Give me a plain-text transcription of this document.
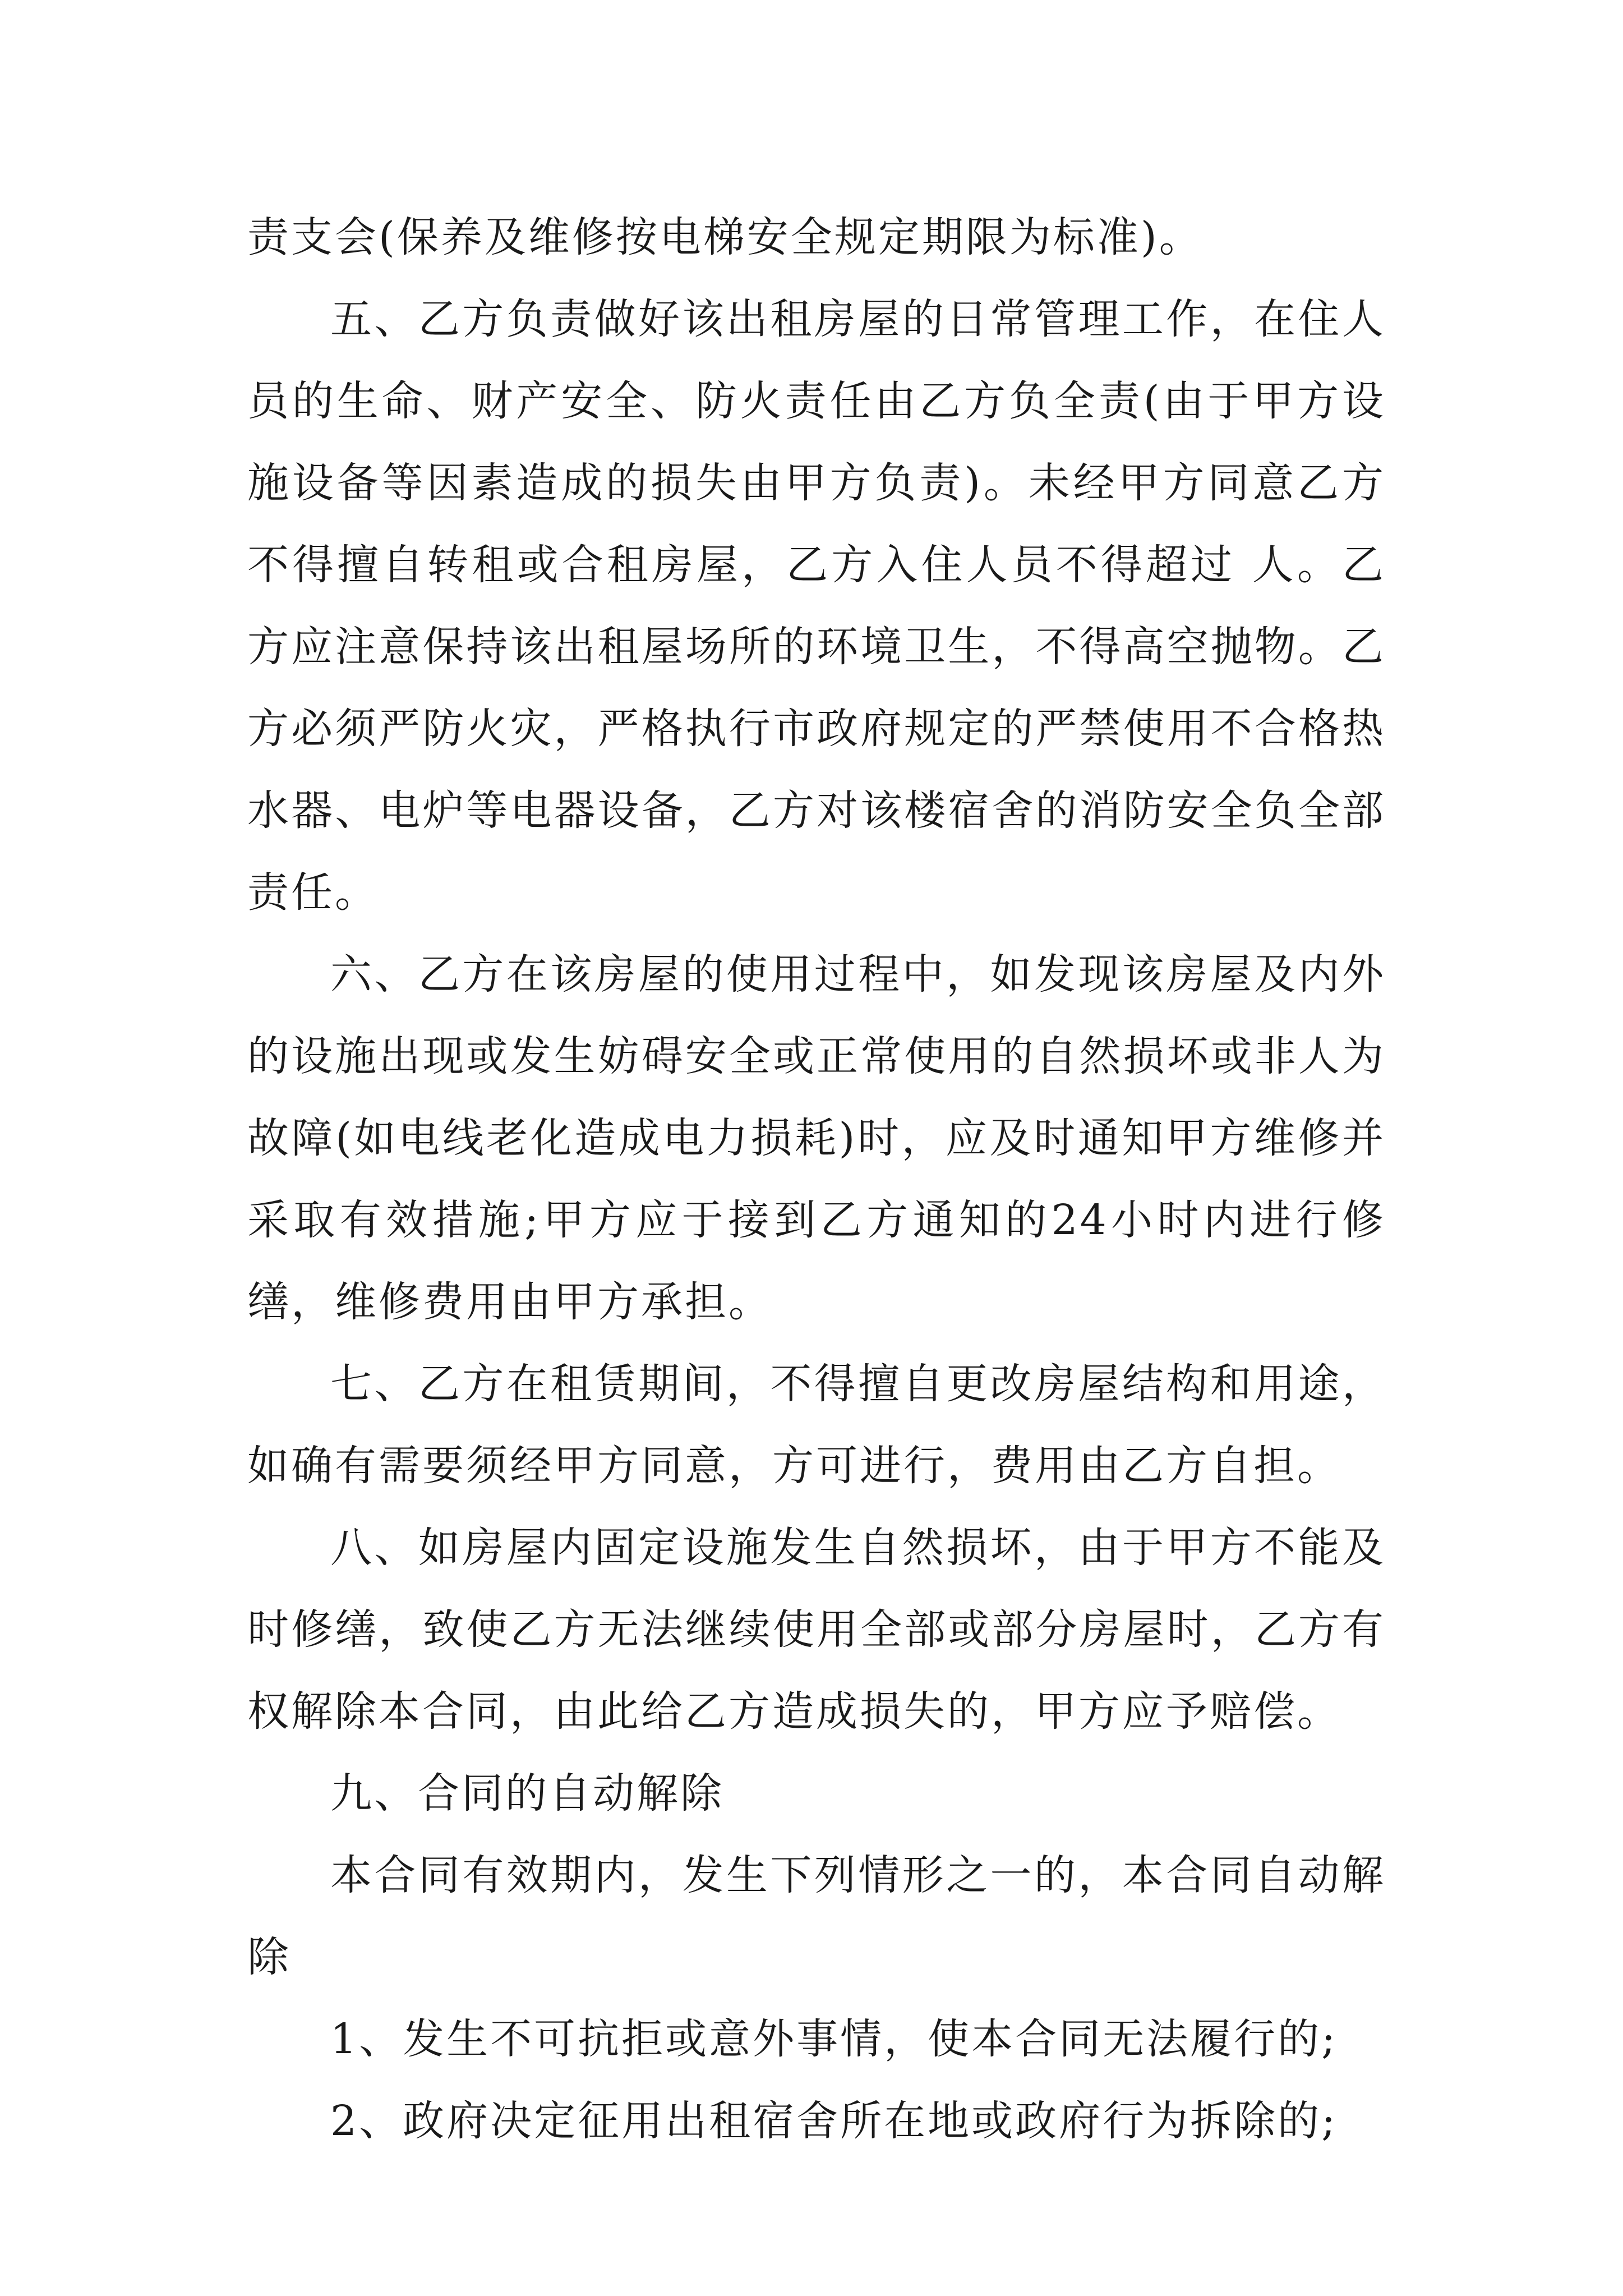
责支会(保养及维修按电梯安全规定期限为标准)。

五、乙方负责做好该出租房屋的日常管理工作，在住人员的生命、财产安全、防火责任由乙方负全责(由于甲方设施设备等因素造成的损失由甲方负责)。未经甲方同意乙方不得擅自转租或合租房屋，乙方入住人员不得超过 人。乙方应注意保持该出租屋场所的环境卫生，不得高空抛物。乙方必须严防火灾，严格执行市政府规定的严禁使用不合格热水器、电炉等电器设备，乙方对该楼宿舍的消防安全负全部责任。

六、乙方在该房屋的使用过程中，如发现该房屋及内外的设施出现或发生妨碍安全或正常使用的自然损坏或非人为故障(如电线老化造成电力损耗)时，应及时通知甲方维修并采取有效措施;甲方应于接到乙方通知的24小时内进行修缮，维修费用由甲方承担。

七、乙方在租赁期间，不得擅自更改房屋结构和用途，如确有需要须经甲方同意，方可进行，费用由乙方自担。

八、如房屋内固定设施发生自然损坏，由于甲方不能及时修缮，致使乙方无法继续使用全部或部分房屋时，乙方有权解除本合同，由此给乙方造成损失的，甲方应予赔偿。

九、合同的自动解除

本合同有效期内，发生下列情形之一的，本合同自动解除

1、发生不可抗拒或意外事情，使本合同无法履行的;

2、政府决定征用出租宿舍所在地或政府行为拆除的;
